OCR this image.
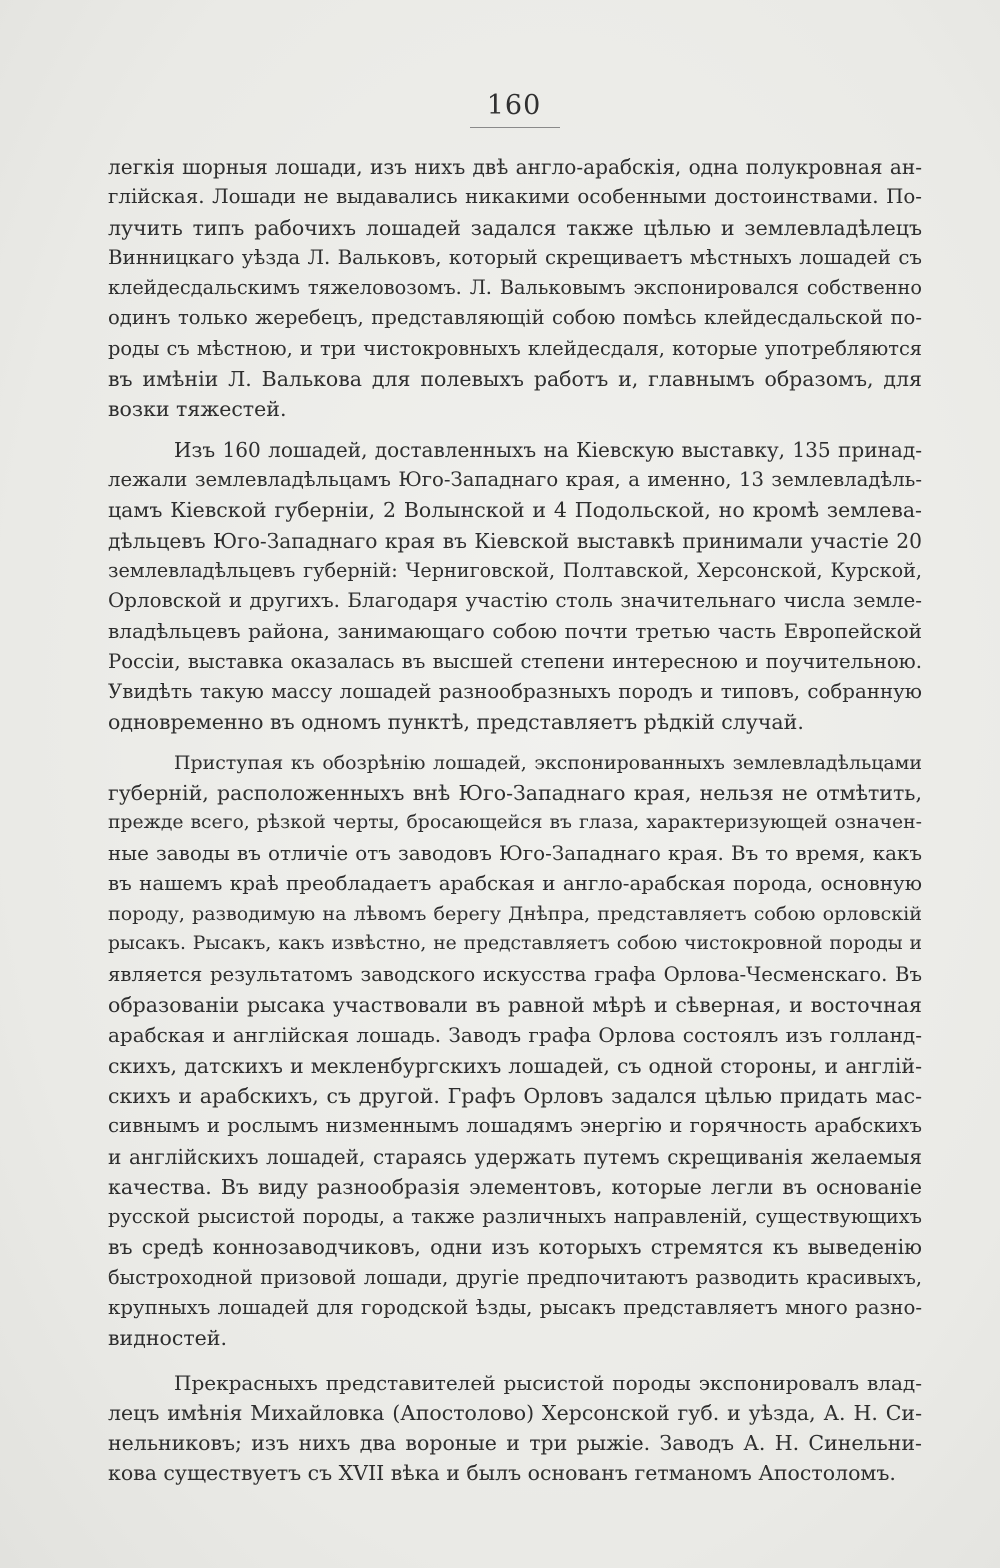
160
легкія шорныя лошади, изъ нихъ двѣ англо-арабскія, одна полукровная ан-
глійская. Лошади не выдавались никакими особенными достоинствами. По-
лучить типъ рабочихъ лошадей задался также цѣлью и землевладѣлецъ
Винницкаго уѣзда Л. Вальковъ, который скрещиваетъ мѣстныхъ лошадей съ
клейдесдальскимъ тяжеловозомъ. Л. Вальковымъ экспонировался собственно
одинъ только жеребецъ, представляющій собою помѣсь клейдесдальской по-
роды съ мѣстною, и три чистокровныхъ клейдесдаля, которые употребляются
въ имѣніи Л. Валькова для полевыхъ работъ и, главнымъ образомъ, для
возки тяжестей.
Изъ 160 лошадей, доставленныхъ на Кіевскую выставку, 135 принад-
лежали землевладѣльцамъ Юго-Западнаго края, а именно, 13 землевладѣль-
цамъ Кіевской губерніи, 2 Волынской и 4 Подольской, но кромѣ землева-
дѣльцевъ Юго-Западнаго края въ Кіевской выставкѣ принимали участіе 20
землевладѣльцевъ губерній: Черниговской, Полтавской, Херсонской, Курской,
Орловской и другихъ. Благодаря участію столь значительнаго числа земле-
владѣльцевъ района, занимающаго собою почти третью часть Европейской
Россіи, выставка оказалась въ высшей степени интересною и поучительною.
Увидѣть такую массу лошадей разнообразныхъ породъ и типовъ, собранную
одновременно въ одномъ пунктѣ, представляетъ рѣдкій случай.
Приступая къ обозрѣнію лошадей, экспонированныхъ землевладѣльцами
губерній, расположенныхъ внѣ Юго-Западнаго края, нельзя не отмѣтить,
прежде всего, рѣзкой черты, бросающейся въ глаза, характеризующей означен-
ные заводы въ отличіе отъ заводовъ Юго-Западнаго края. Въ то время, какъ
въ нашемъ краѣ преобладаетъ арабская и англо-арабская порода, основную
породу, разводимую на лѣвомъ берегу Днѣпра, представляетъ собою орловскій
рысакъ. Рысакъ, какъ извѣстно, не представляетъ собою чистокровной породы и
является результатомъ заводского искусства графа Орлова-Чесменскаго. Въ
образованіи рысака участвовали въ равной мѣрѣ и сѣверная, и восточная
арабская и англійская лошадь. Заводъ графа Орлова состоялъ изъ голланд-
скихъ, датскихъ и мекленбургскихъ лошадей, съ одной стороны, и англій-
скихъ и арабскихъ, съ другой. Графъ Орловъ задался цѣлью придать мас-
сивнымъ и рослымъ низменнымъ лошадямъ энергію и горячность арабскихъ
и англійскихъ лошадей, стараясь удержать путемъ скрещиванія желаемыя
качества. Въ виду разнообразія элементовъ, которые легли въ основаніе
русской рысистой породы, а также различныхъ направленій, существующихъ
въ средѣ коннозаводчиковъ, одни изъ которыхъ стремятся къ выведенію
быстроходной призовой лошади, другіе предпочитаютъ разводить красивыхъ,
крупныхъ лошадей для городской ѣзды, рысакъ представляетъ много разно-
видностей.
Прекрасныхъ представителей рысистой породы экспонировалъ влад-
лецъ имѣнія Михайловка (Апостолово) Херсонской губ. и уѣзда, А. Н. Си-
нельниковъ; изъ нихъ два вороные и три рыжіе. Заводъ А. Н. Синельни-
кова существуетъ съ XVII вѣка и былъ основанъ гетманомъ Апостоломъ.
